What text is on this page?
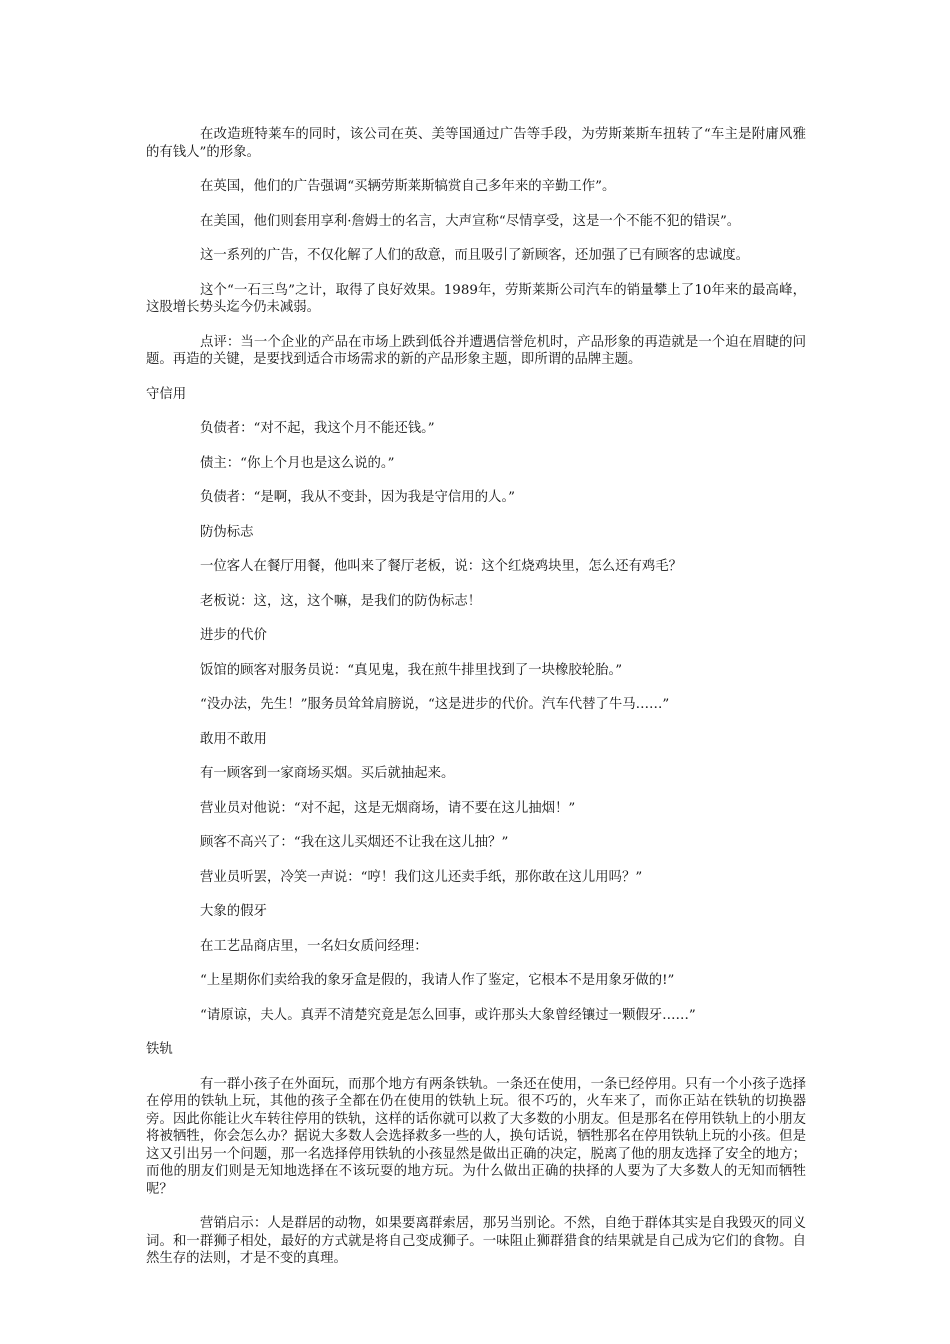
在改造班特莱车的同时，该公司在英、美等国通过广告等手段，为劳斯莱斯车扭转了“车主是附庸风雅的有钱人”的形象。

在英国，他们的广告强调“买辆劳斯莱斯犒赏自己多年来的辛勤工作”。

在美国，他们则套用享利·詹姆士的名言，大声宣称“尽情享受，这是一个不能不犯的错误”。

这一系列的广告，不仅化解了人们的敌意，而且吸引了新顾客，还加强了已有顾客的忠诚度。

这个“一石三鸟”之计，取得了良好效果。1989年，劳斯莱斯公司汽车的销量攀上了10年来的最高峰，这股增长势头迄今仍未减弱。

点评：当一个企业的产品在市场上跌到低谷并遭遇信誉危机时，产品形象的再造就是一个迫在眉睫的问题。再造的关键，是要找到适合市场需求的新的产品形象主题，即所谓的品牌主题。

守信用

负债者：“对不起，我这个月不能还钱。”

债主：“你上个月也是这么说的。”

负债者：“是啊，我从不变卦，因为我是守信用的人。”

防伪标志

一位客人在餐厅用餐，他叫来了餐厅老板，说：这个红烧鸡块里，怎么还有鸡毛？

老板说：这，这，这个嘛，是我们的防伪标志！

进步的代价

饭馆的顾客对服务员说：“真见鬼，我在煎牛排里找到了一块橡胶轮胎。”

“没办法，先生！”服务员耸耸肩膀说，“这是进步的代价。汽车代替了牛马……”

敢用不敢用

有一顾客到一家商场买烟。买后就抽起来。

营业员对他说：“对不起，这是无烟商场，请不要在这儿抽烟！”

顾客不高兴了：“我在这儿买烟还不让我在这儿抽？”

营业员听罢，冷笑一声说：“哼！我们这儿还卖手纸，那你敢在这儿用吗？”

大象的假牙

在工艺品商店里，一名妇女质问经理：

“上星期你们卖给我的象牙盒是假的，我请人作了鉴定，它根本不是用象牙做的!”

“请原谅，夫人。真弄不清楚究竟是怎么回事，或许那头大象曾经镶过一颗假牙……”

铁轨

有一群小孩子在外面玩，而那个地方有两条铁轨。一条还在使用，一条已经停用。只有一个小孩子选择在停用的铁轨上玩，其他的孩子全都在仍在使用的铁轨上玩。很不巧的，火车来了，而你正站在铁轨的切换器旁。因此你能让火车转往停用的铁轨，这样的话你就可以救了大多数的小朋友。但是那名在停用铁轨上的小朋友将被牺牲，你会怎么办？据说大多数人会选择救多一些的人，换句话说，牺牲那名在停用铁轨上玩的小孩。但是这又引出另一个问题，那一名选择停用铁轨的小孩显然是做出正确的决定，脱离了他的朋友选择了安全的地方；而他的朋友们则是无知地选择在不该玩耍的地方玩。为什么做出正确的抉择的人要为了大多数人的无知而牺牲呢？

营销启示：人是群居的动物，如果要离群索居，那另当别论。不然，自绝于群体其实是自我毁灭的同义词。和一群狮子相处，最好的方式就是将自己变成狮子。一味阻止狮群猎食的结果就是自己成为它们的食物。自然生存的法则，才是不变的真理。
